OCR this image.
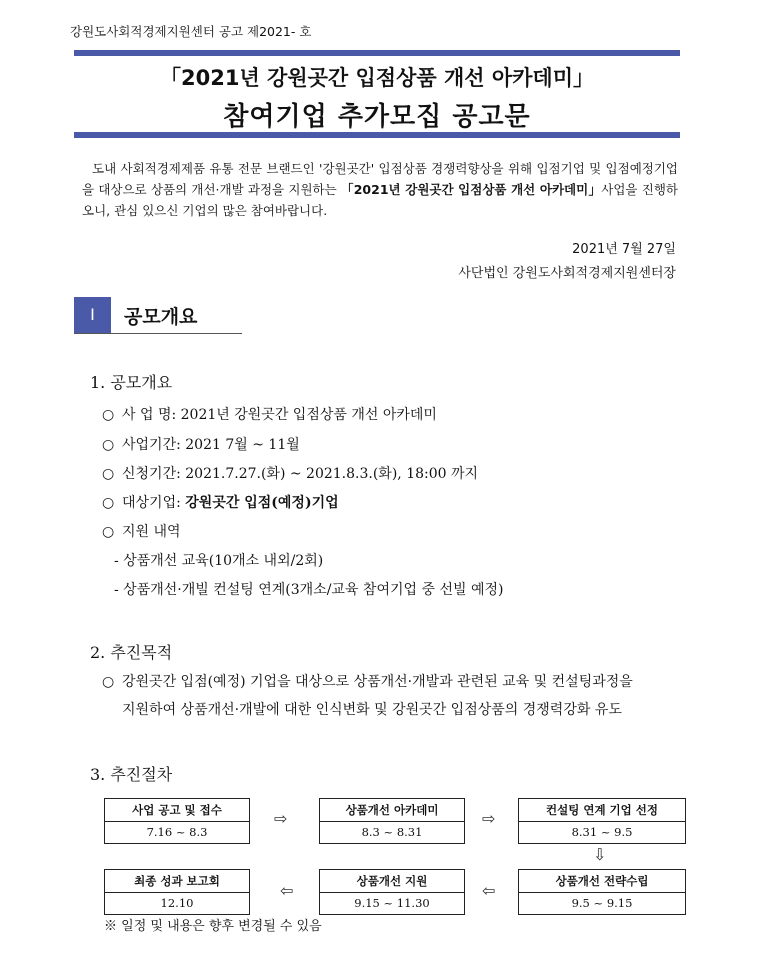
강원도사회적경제지원센터 공고 제2021- 호
「2021년 강원곳간 입점상품 개선 아카데미」
참여기업 추가모집 공고문
도내 사회적경제제품 유통 전문 브랜드인 '강원곳간' 입점상품 경쟁력향상을 위해 입점기업 및 입점예정기업을 대상으로 상품의 개선·개발 과정을 지원하는 「2021년 강원곳간 입점상품 개선 아카데미」사업을 진행하오니, 관심 있으신 기업의 많은 참여바랍니다.
2021년 7월 27일
사단법인 강원도사회적경제지원센터장
Ⅰ	공모개요
1. 공모개요
○ 사 업 명: 2021년 강원곳간 입점상품 개선 아카데미
○ 사업기간: 2021 7월 ~ 11월
○ 신청기간: 2021.7.27.(화) ~ 2021.8.3.(화), 18:00 까지
○ 대상기업: 강원곳간 입점(예정)기업
○ 지원 내역
- 상품개선 교육(10개소 내외/2회)
- 상품개선·개빌 컨설팅 연계(3개소/교육 참여기업 중 선빌 예정)
2. 추진목적
○ 강원곳간 입점(예정) 기업을 대상으로 상품개선·개발과 관련된 교육 및 컨설팅과정을
지원하여 상품개선·개발에 대한 인식변화 및 강원곳간 입점상품의 경쟁력강화 유도
3. 추진절차
사업 공고 및 접수
7.16 ~ 8.3
⇨	상품개선 아카데미
8.3 ~ 8.31
⇨	컨설팅 연계 기업 선정
8.31 ~ 9.5
⇩
최종 성과 보고회
12.10
⇦	상품개선 지원
9.15 ~ 11.30
⇦	상품개선 전략수립
9.5 ~ 9.15
※ 일정 및 내용은 향후 변경될 수 있음
